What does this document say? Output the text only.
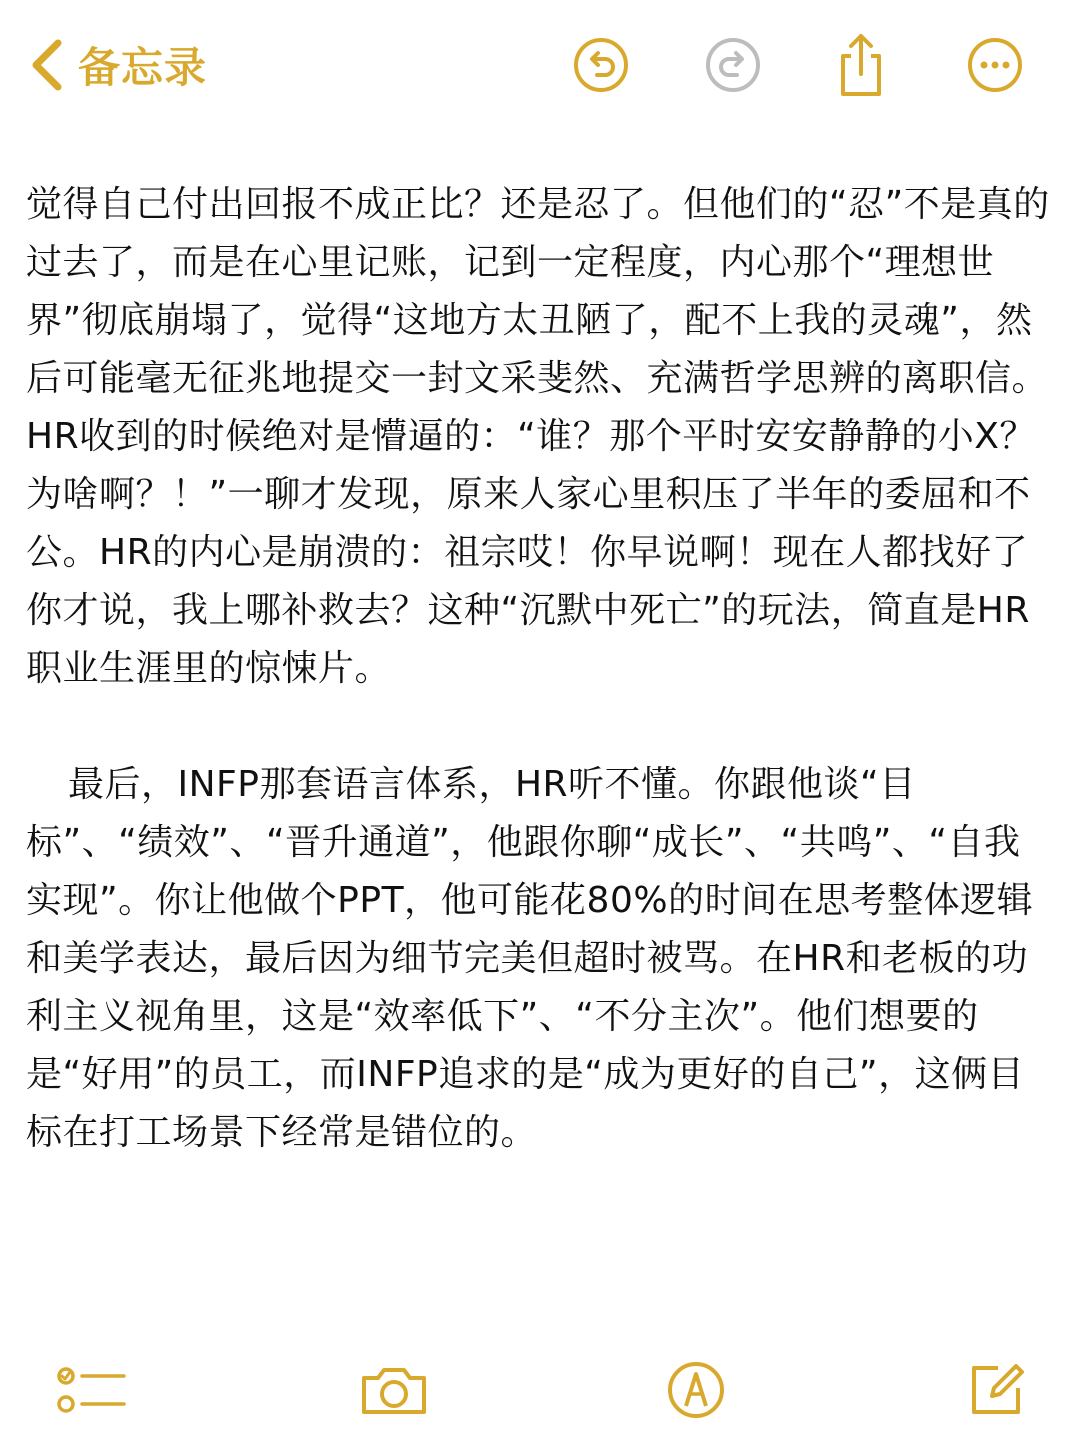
备忘录

觉得自己付出回报不成正比？还是忍了。但他们的“忍”不是真的过去了，而是在心里记账，记到一定程度，内心那个“理想世界”彻底崩塌了，觉得“这地方太丑陋了，配不上我的灵魂”，然后可能毫无征兆地提交一封文采斐然、充满哲学思辨的离职信。HR收到的时候绝对是懵逼的：“谁？那个平时安安静静的小X？为啥啊？！”一聊才发现，原来人家心里积压了半年的委屈和不公。HR的内心是崩溃的：祖宗哎！你早说啊！现在人都找好了你才说，我上哪补救去？这种“沉默中死亡”的玩法，简直是HR职业生涯里的惊悚片。

最后，INFP那套语言体系，HR听不懂。你跟他谈“目标”、“绩效”、“晋升通道”，他跟你聊“成长”、“共鸣”、“自我实现”。你让他做个PPT，他可能花80%的时间在思考整体逻辑和美学表达，最后因为细节完美但超时被骂。在HR和老板的功利主义视角里，这是“效率低下”、“不分主次”。他们想要的是“好用”的员工，而INFP追求的是“成为更好的自己”，这俩目标在打工场景下经常是错位的。
